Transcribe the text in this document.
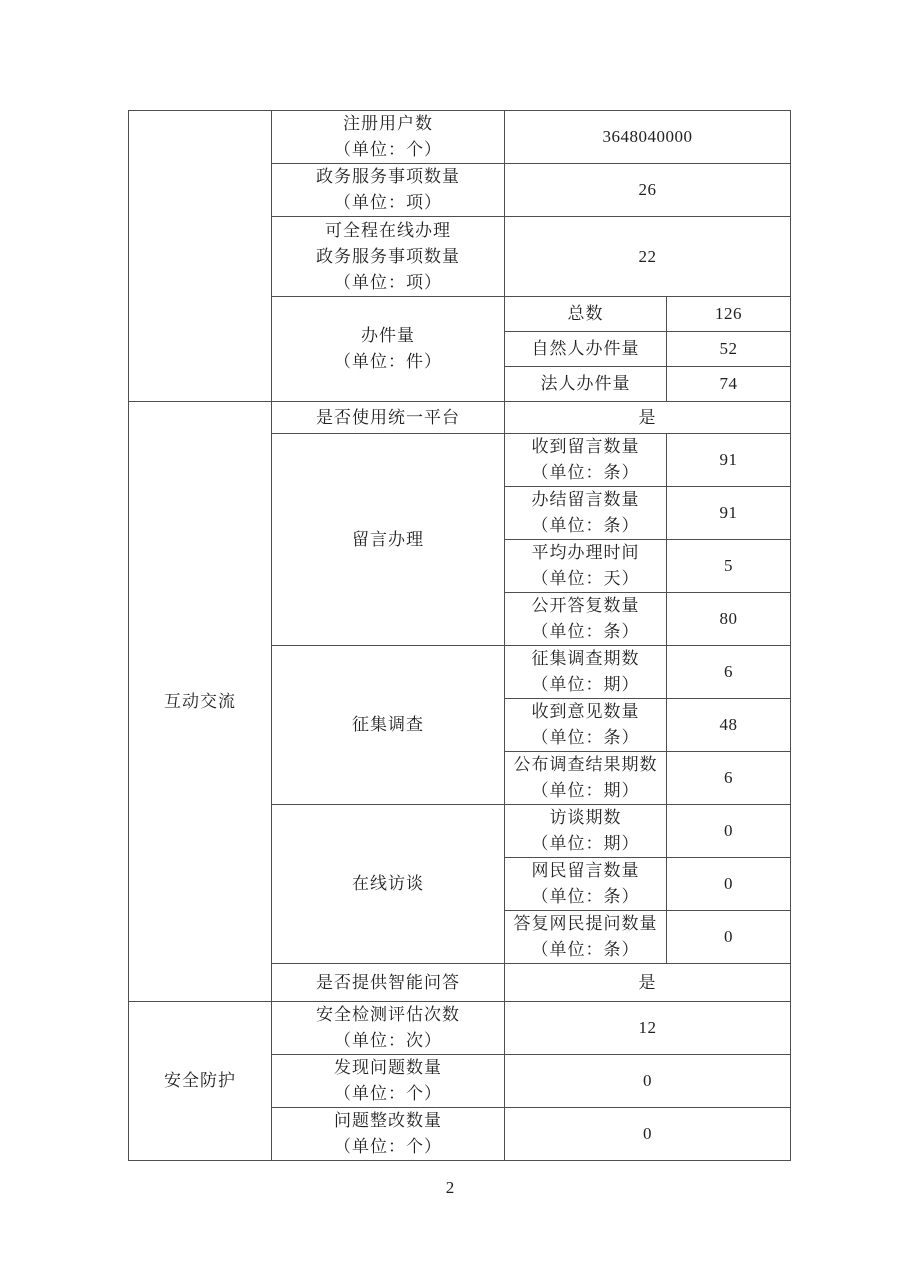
	注册用户数
（单位：个）	3648040000	

	政务服务事项数量
（单位：项）	26	

	可全程在线办理
政务服务事项数量
（单位：项）	22	

	办件量
（单位：件）	总数	126
		自然人办件量	52
		法人办件量	74
互动交流	是否使用统一平台	是	
	留言办理	收到留言数量
（单位：条）	91

		办结留言数量
（单位：条）	91

		平均办理时间
（单位：天）	5

		公开答复数量
（单位：条）	80
	征集调查	征集调查期数
（单位：期）	6

		收到意见数量
（单位：条）	48

		公布调查结果期数
（单位：期）	6
	在线访谈	访谈期数
（单位：期）	0

		网民留言数量
（单位：条）	0

		答复网民提问数量
（单位：条）	0
	是否提供智能问答	是	
安全防护	安全检测评估次数
（单位：次）	12	

	发现问题数量
（单位：个）	0	

	问题整改数量
（单位：个）	0	
2
